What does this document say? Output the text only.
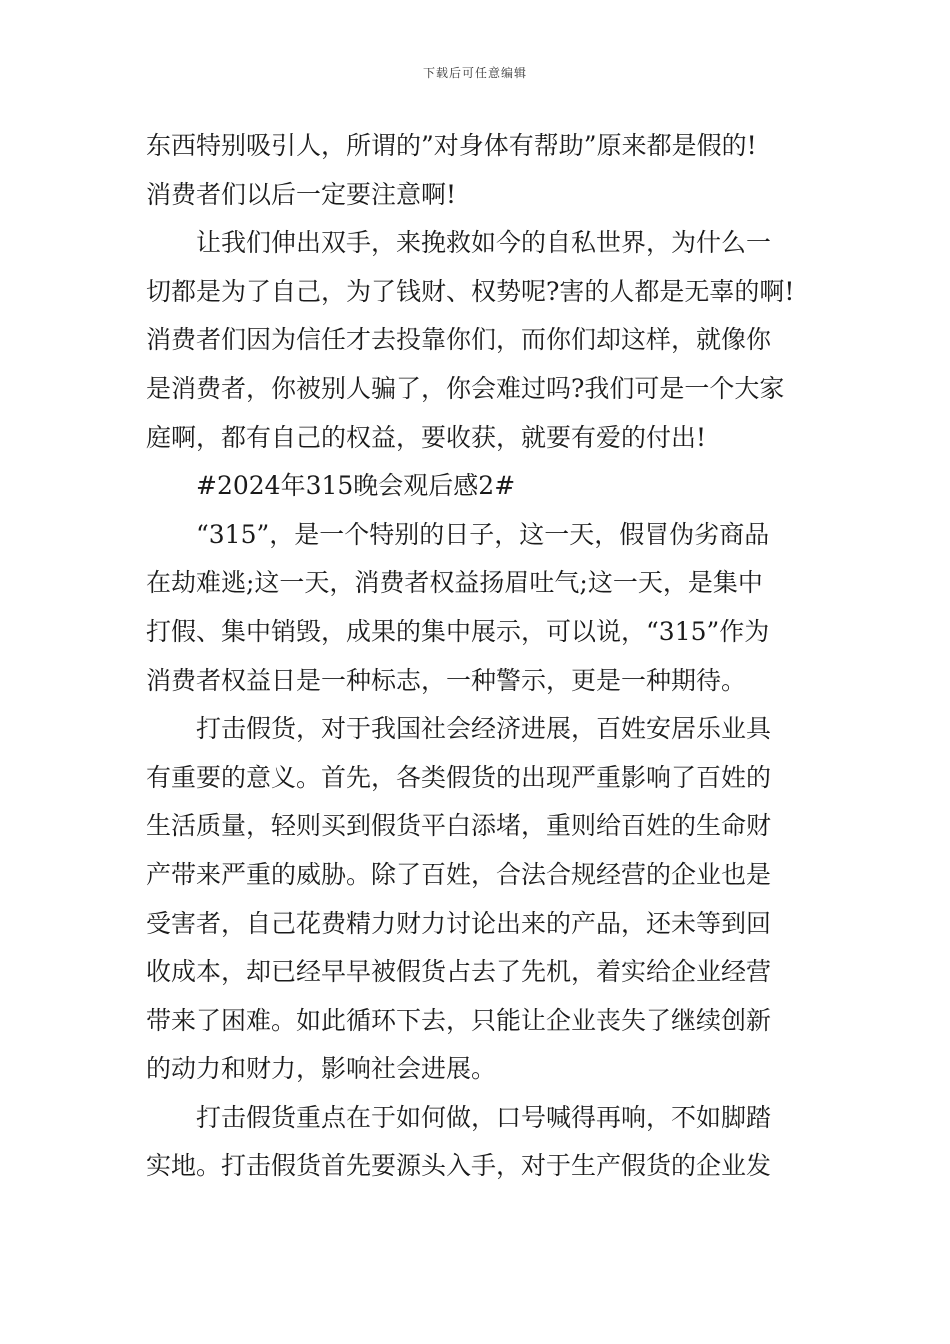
下载后可任意编辑
东西特别吸引人，所谓的”对身体有帮助”原来都是假的!
消费者们以后一定要注意啊!
让我们伸出双手，来挽救如今的自私世界，为什么一
切都是为了自己，为了钱财、权势呢?害的人都是无辜的啊!
消费者们因为信任才去投靠你们，而你们却这样，就像你
是消费者，你被别人骗了，你会难过吗?我们可是一个大家
庭啊，都有自己的权益，要收获，就要有爱的付出!
#2024年315晚会观后感2#
“315”，是一个特别的日子，这一天，假冒伪劣商品
在劫难逃;这一天，消费者权益扬眉吐气;这一天，是集中
打假、集中销毁，成果的集中展示，可以说，“315”作为
消费者权益日是一种标志，一种警示，更是一种期待。
打击假货，对于我国社会经济进展，百姓安居乐业具
有重要的意义。首先，各类假货的出现严重影响了百姓的
生活质量，轻则买到假货平白添堵，重则给百姓的生命财
产带来严重的威胁。除了百姓，合法合规经营的企业也是
受害者，自己花费精力财力讨论出来的产品，还未等到回
收成本，却已经早早被假货占去了先机，着实给企业经营
带来了困难。如此循环下去，只能让企业丧失了继续创新
的动力和财力，影响社会进展。
打击假货重点在于如何做，口号喊得再响，不如脚踏
实地。打击假货首先要源头入手，对于生产假货的企业发
